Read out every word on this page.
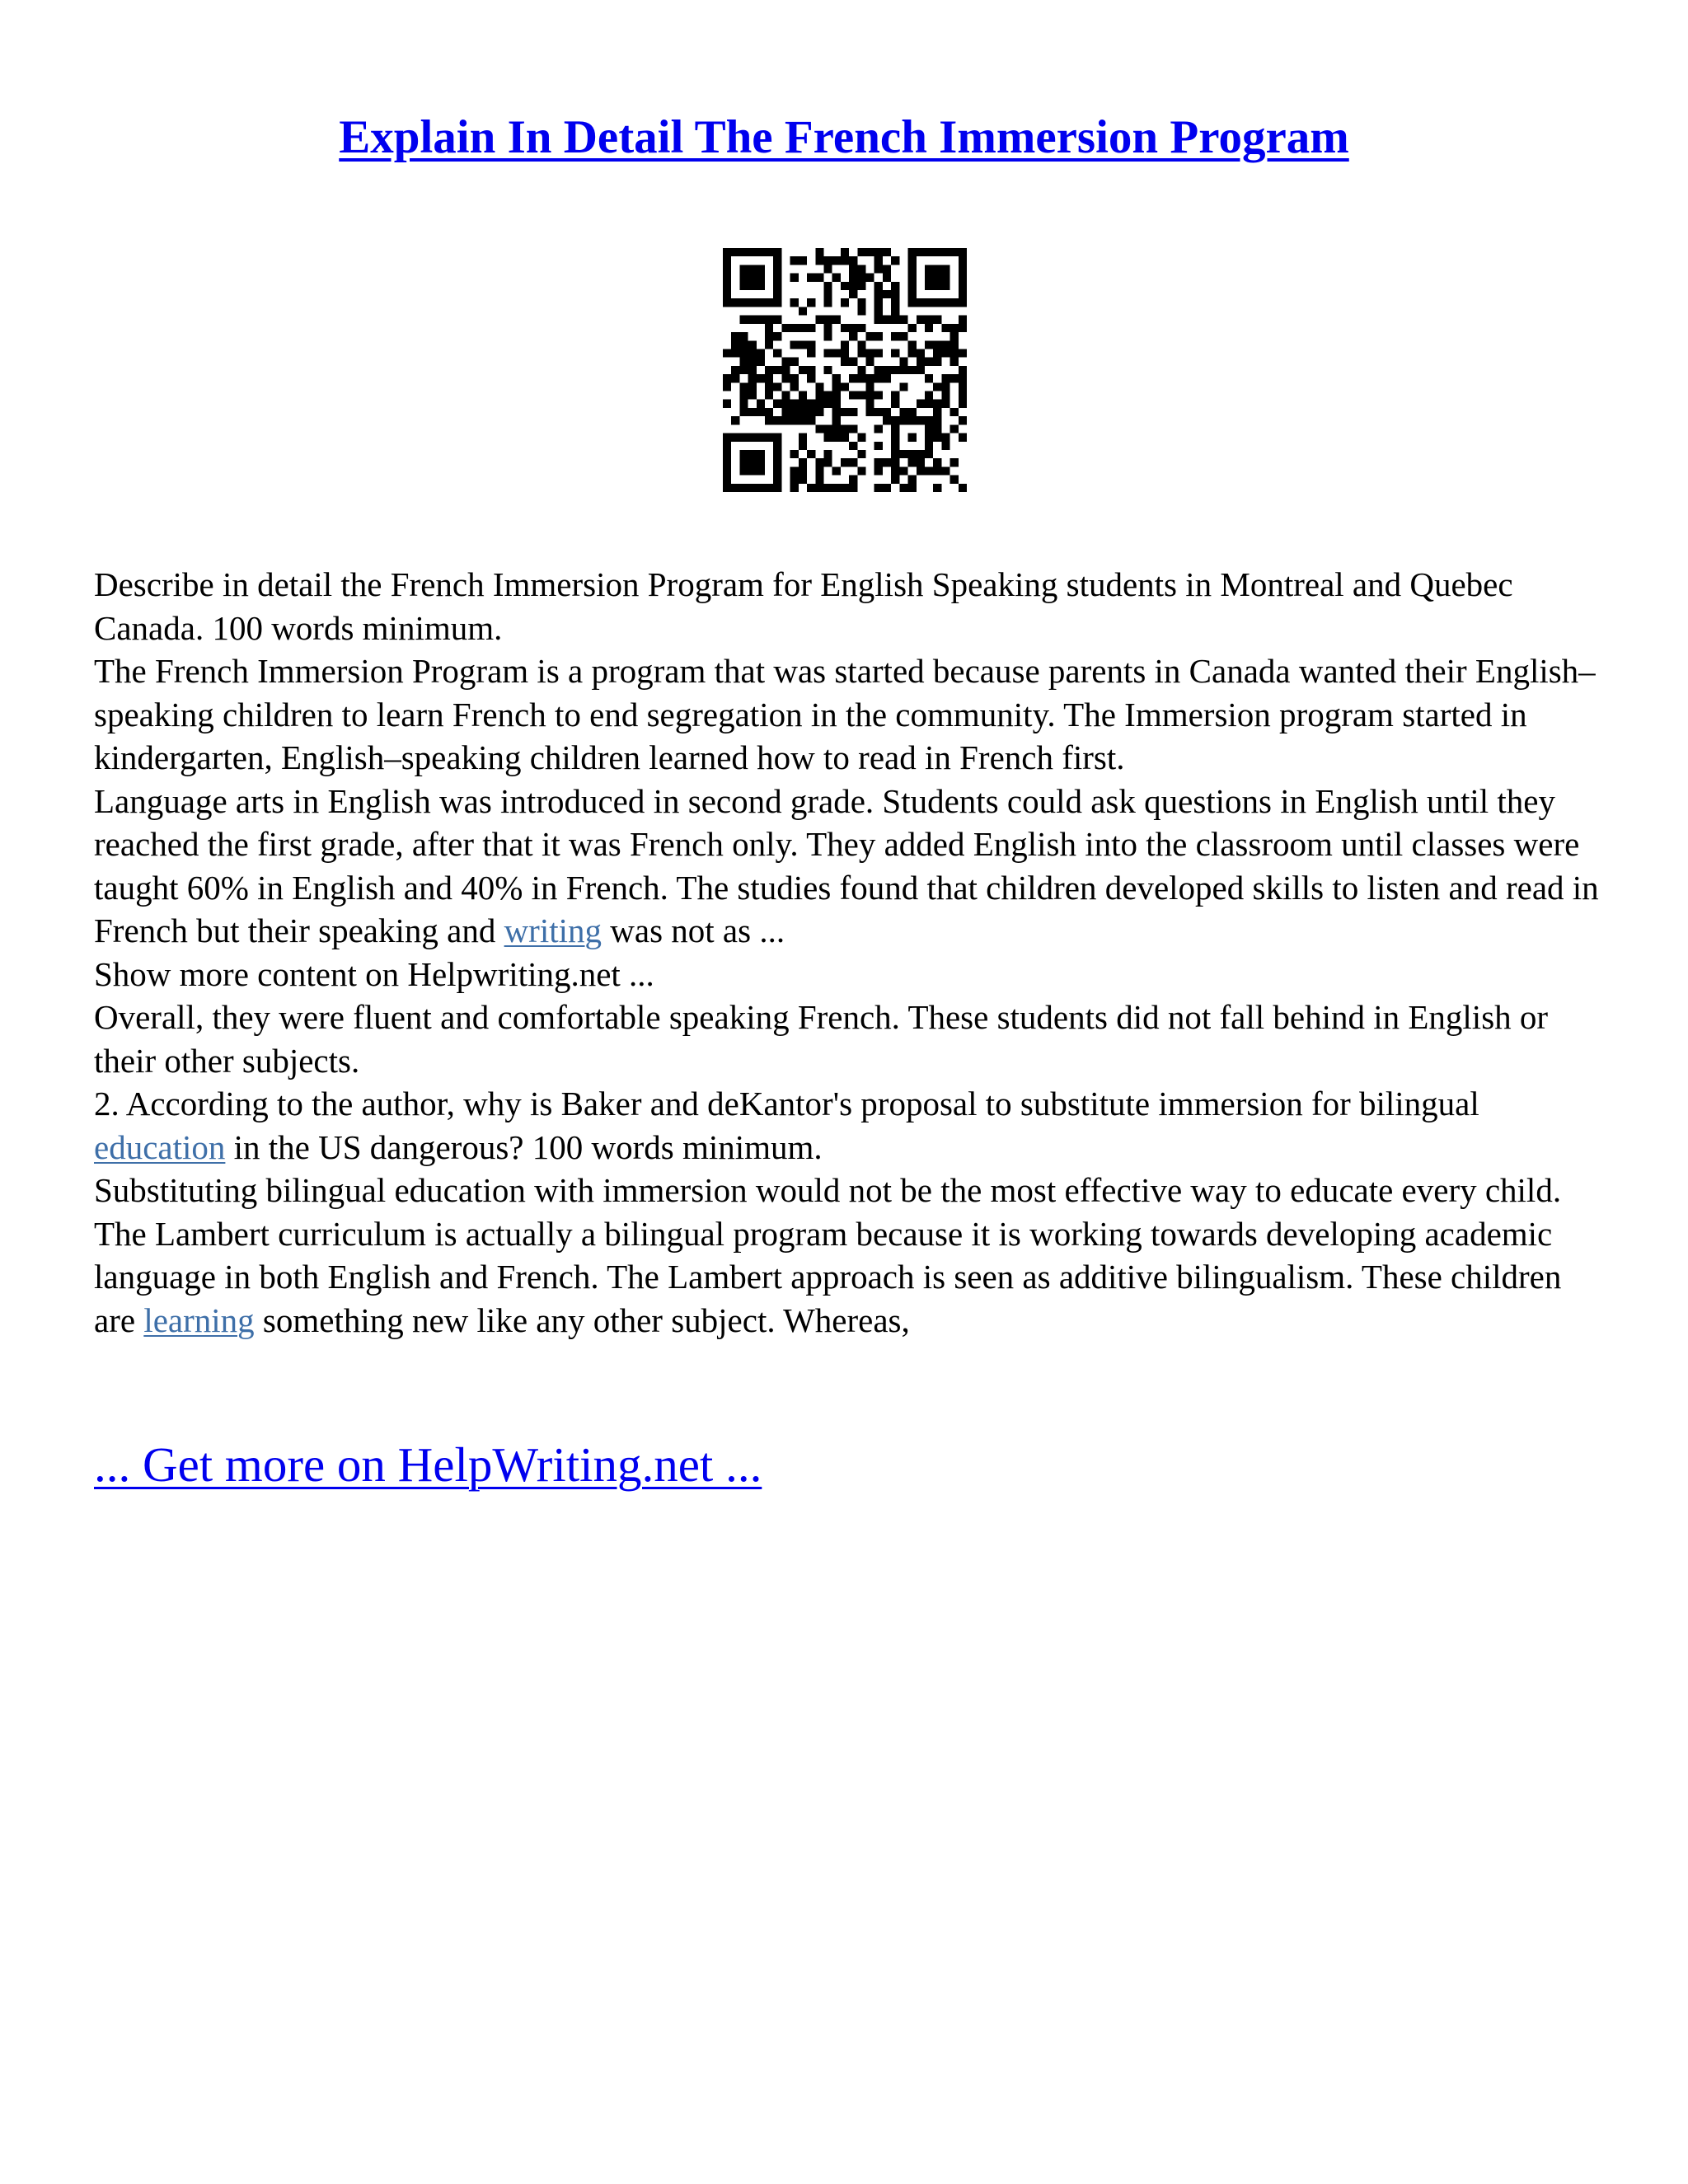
Explain In Detail The French Immersion Program

Describe in detail the French Immersion Program for English Speaking students in Montreal and Quebec Canada. 100 words minimum.

The French Immersion Program is a program that was started because parents in Canada wanted their English–speaking children to learn French to end segregation in the community. The Immersion program started in kindergarten, English–speaking children learned how to read in French first.

Language arts in English was introduced in second grade. Students could ask questions in English until they reached the first grade, after that it was French only. They added English into the classroom until classes were taught 60% in English and 40% in French. The studies found that children developed skills to listen and read in French but their speaking and writing was not as ...

Show more content on Helpwriting.net ...

Overall, they were fluent and comfortable speaking French. These students did not fall behind in English or their other subjects.

2. According to the author, why is Baker and deKantor's proposal to substitute immersion for bilingual education in the US dangerous? 100 words minimum.

Substituting bilingual education with immersion would not be the most effective way to educate every child. The Lambert curriculum is actually a bilingual program because it is working towards developing academic language in both English and French. The Lambert approach is seen as additive bilingualism. These children are learning something new like any other subject. Whereas,

... Get more on HelpWriting.net ...
